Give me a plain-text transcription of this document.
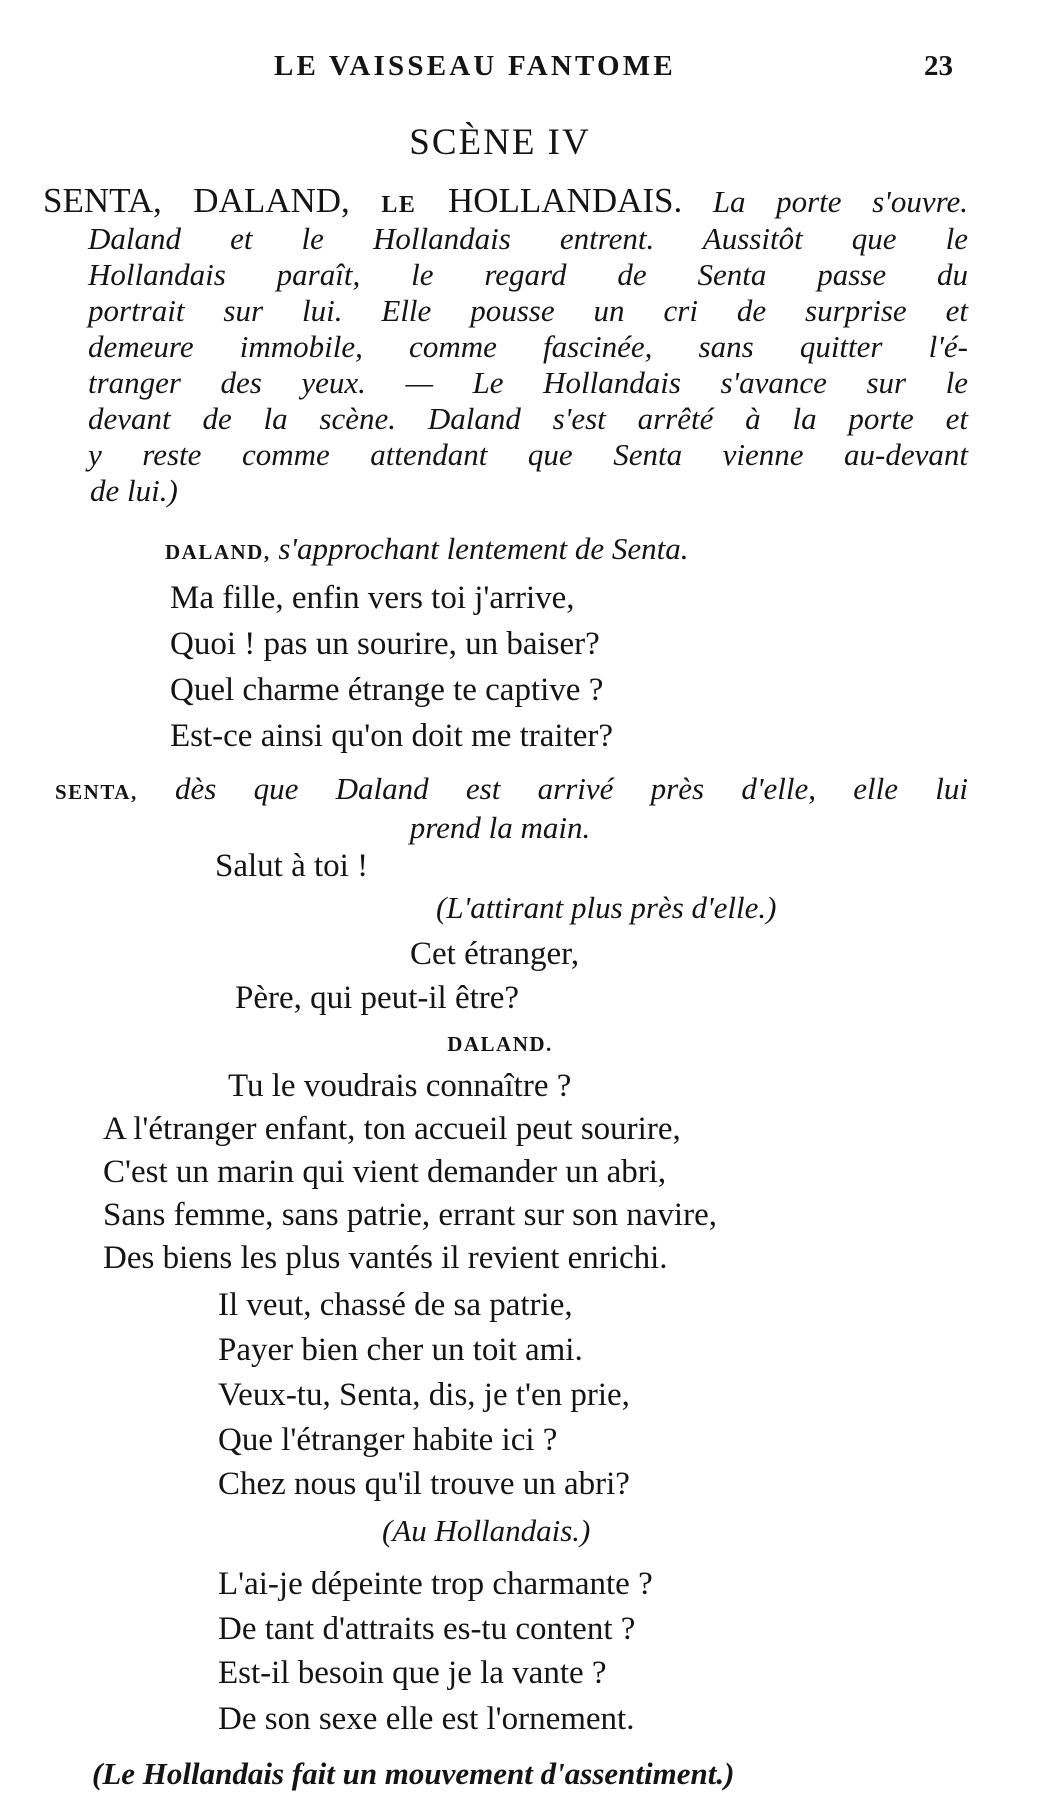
LE VAISSEAU FANTOME	23
SCÈNE IV
SENTA, DALAND, LE HOLLANDAIS. La porte s'ouvre.
Daland et le Hollandais entrent. Aussitôt que le
Hollandais paraît, le regard de Senta passe du
portrait sur lui. Elle pousse un cri de surprise et
demeure immobile, comme fascinée, sans quitter l'é-
tranger des yeux. — Le Hollandais s'avance sur le
devant de la scène. Daland s'est arrêté à la porte et
y reste comme attendant que Senta vienne au-devant
de lui.)
DALAND, s'approchant lentement de Senta.
Ma fille, enfin vers toi j'arrive,
Quoi ! pas un sourire, un baiser?
Quel charme étrange te captive ?
Est-ce ainsi qu'on doit me traiter?
SENTA, dès que Daland est arrivé près d'elle, elle lui
prend la main.
Salut à toi !
(L'attirant plus près d'elle.)
Cet étranger,
Père, qui peut-il être?
DALAND.
Tu le voudrais connaître ?
A l'étranger enfant, ton accueil peut sourire,
C'est un marin qui vient demander un abri,
Sans femme, sans patrie, errant sur son navire,
Des biens les plus vantés il revient enrichi.
Il veut, chassé de sa patrie,
Payer bien cher un toit ami.
Veux-tu, Senta, dis, je t'en prie,
Que l'étranger habite ici ?
Chez nous qu'il trouve un abri?
(Au Hollandais.)
L'ai-je dépeinte trop charmante ?
De tant d'attraits es-tu content ?
Est-il besoin que je la vante ?
De son sexe elle est l'ornement.
(Le Hollandais fait un mouvement d'assentiment.)
